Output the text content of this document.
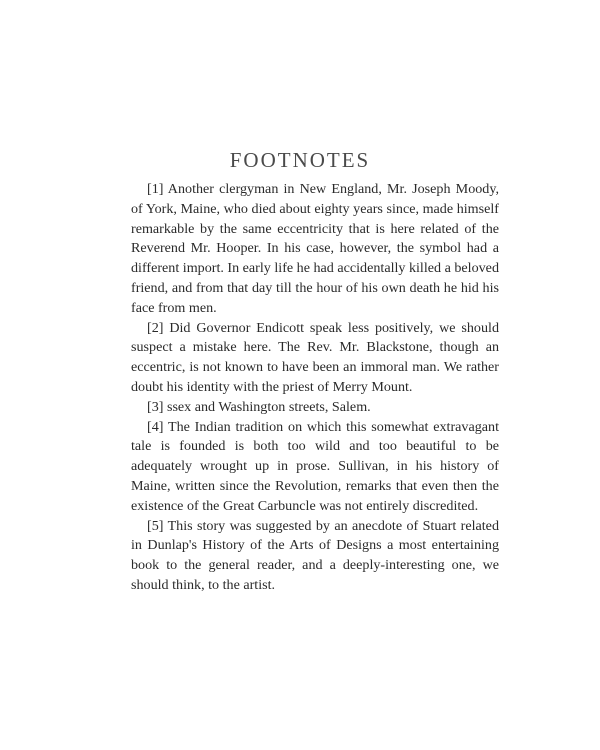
FOOTNOTES

[1] Another clergyman in New England, Mr. Joseph Moody, of York, Maine, who died about eighty years since, made himself remarkable by the same eccentricity that is here related of the Reverend Mr. Hooper. In his case, however, the symbol had a different import. In early life he had accidentally killed a beloved friend, and from that day till the hour of his own death he hid his face from men.

[2] Did Governor Endicott speak less positively, we should suspect a mistake here. The Rev. Mr. Blackstone, though an eccentric, is not known to have been an immoral man. We rather doubt his identity with the priest of Merry Mount.

[3] ssex and Washington streets, Salem.

[4] The Indian tradition on which this somewhat extravagant tale is founded is both too wild and too beautiful to be adequately wrought up in prose. Sullivan, in his history of Maine, written since the Revolution, remarks that even then the existence of the Great Carbuncle was not entirely discredited.

[5] This story was suggested by an anecdote of Stuart related in Dunlap's History of the Arts of Designs a most entertaining book to the general reader, and a deeply-interesting one, we should think, to the artist.
